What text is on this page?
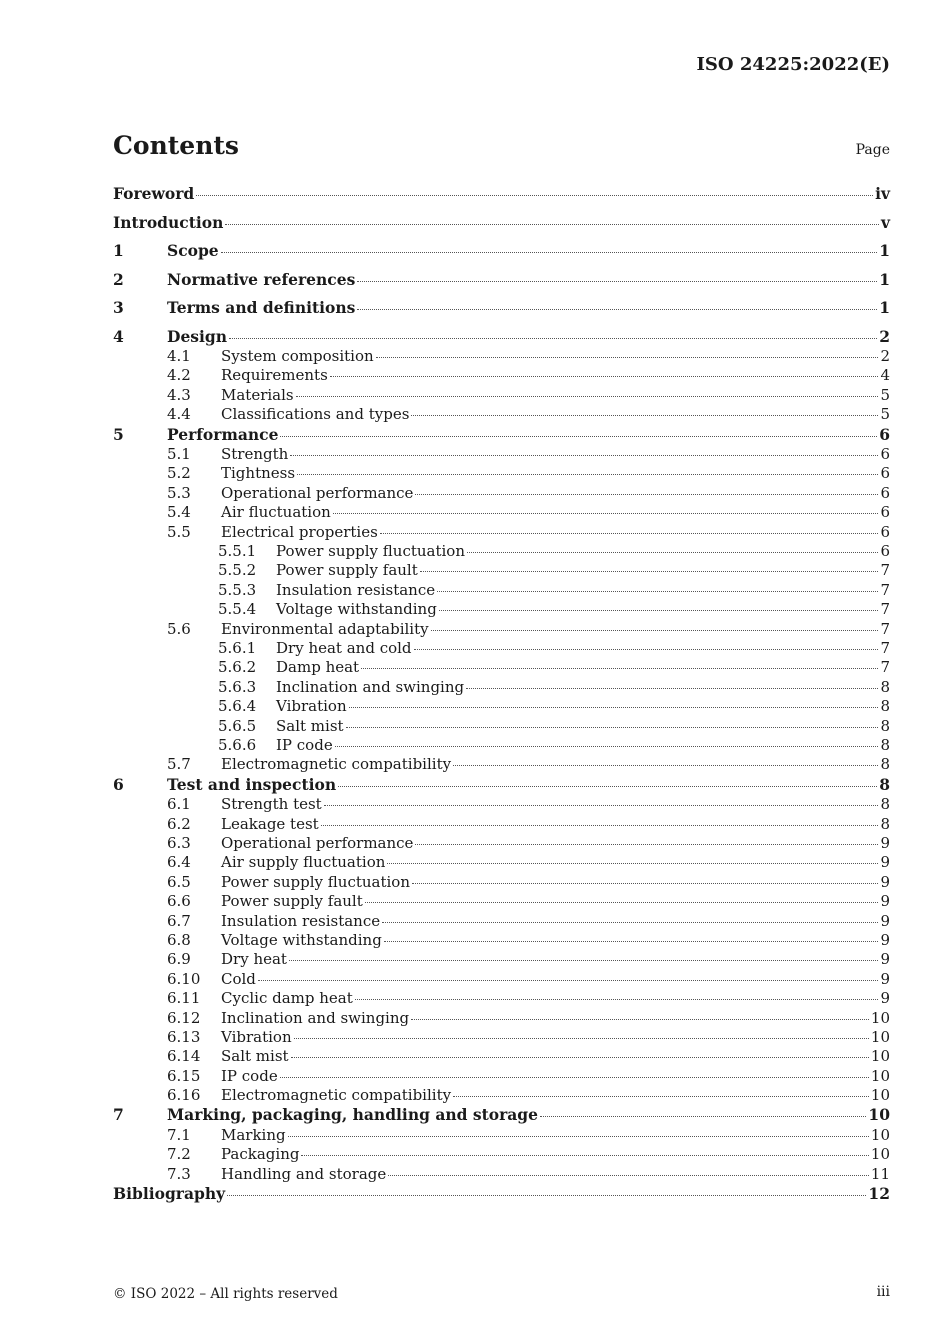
ISO 24225:2022(E)
Contents	Page
Foreword	iv
Introduction	v
1	Scope	1
2	Normative references	1
3	Terms and definitions	1
4	Design	2
4.1	System composition	2
4.2	Requirements	4
4.3	Materials	5
4.4	Classifications and types	5
5	Performance	6
5.1	Strength	6
5.2	Tightness	6
5.3	Operational performance	6
5.4	Air fluctuation	6
5.5	Electrical properties	6
5.5.1	Power supply fluctuation	6
5.5.2	Power supply fault	7
5.5.3	Insulation resistance	7
5.5.4	Voltage withstanding	7
5.6	Environmental adaptability	7
5.6.1	Dry heat and cold	7
5.6.2	Damp heat	7
5.6.3	Inclination and swinging	8
5.6.4	Vibration	8
5.6.5	Salt mist	8
5.6.6	IP code	8
5.7	Electromagnetic compatibility	8
6	Test and inspection	8
6.1	Strength test	8
6.2	Leakage test	8
6.3	Operational performance	9
6.4	Air supply fluctuation	9
6.5	Power supply fluctuation	9
6.6	Power supply fault	9
6.7	Insulation resistance	9
6.8	Voltage withstanding	9
6.9	Dry heat	9
6.10	Cold	9
6.11	Cyclic damp heat	9
6.12	Inclination and swinging	10
6.13	Vibration	10
6.14	Salt mist	10
6.15	IP code	10
6.16	Electromagnetic compatibility	10
7	Marking, packaging, handling and storage	10
7.1	Marking	10
7.2	Packaging	10
7.3	Handling and storage	11
Bibliography	12
© ISO 2022 – All rights reserved	iii
